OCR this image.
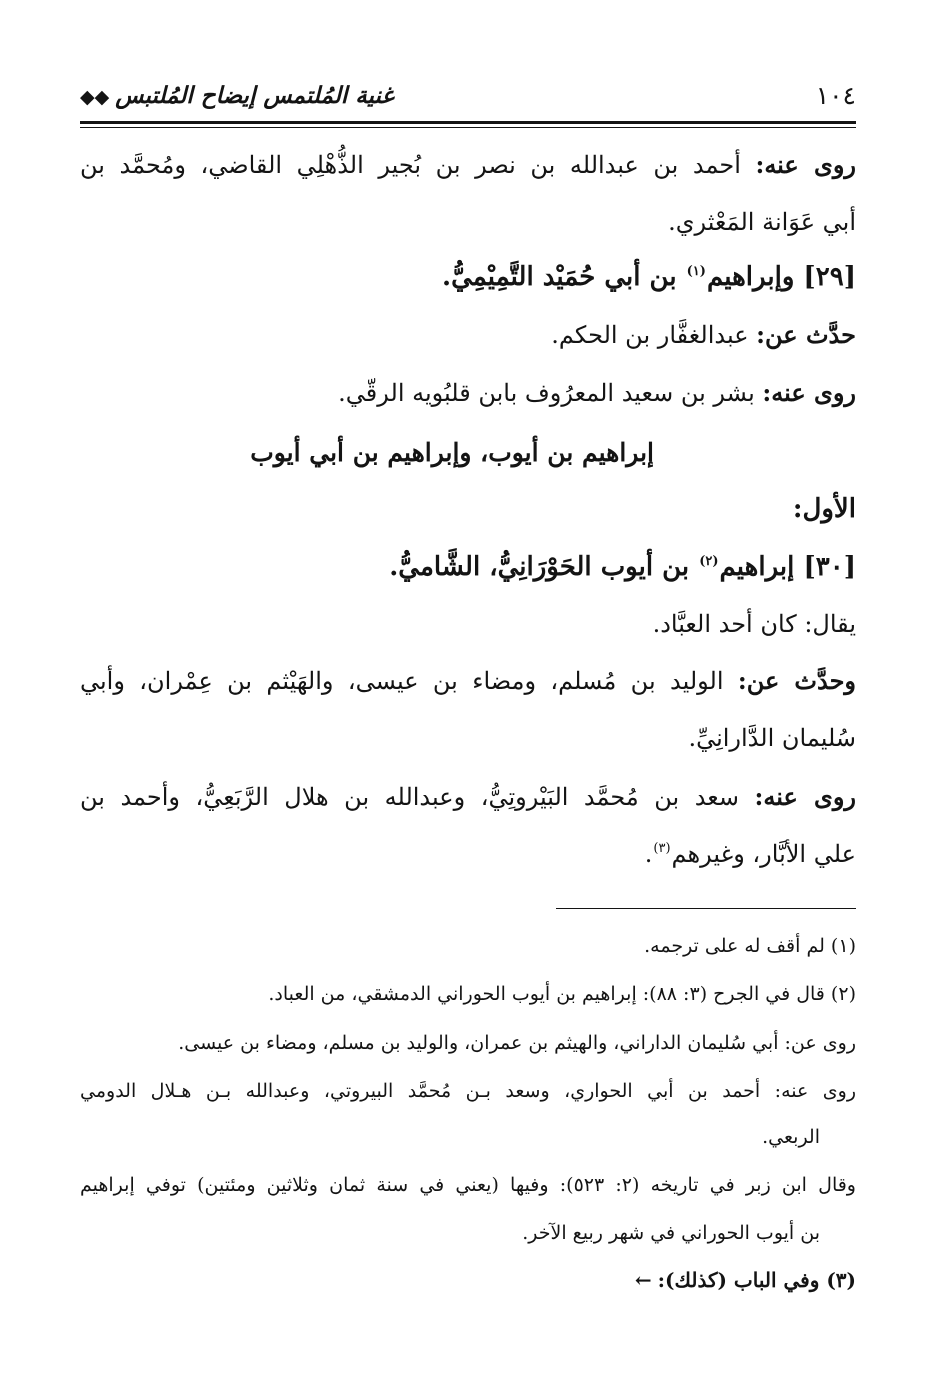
١٠٤
غنية المُلتمس إيضاح المُلتبس◆◆
روى عنه: أحمد بن عبدالله بن نصر بن بُجير الذُّهْلِي القاضي، ومُحمَّد بن
أبي عَوَانة المَعْثري.
[٢٩] وإبراهيم$^{(١)}$ بن أبي حُمَيْد التَّمِيْمِيُّ.
حدَّث عن: عبدالغفَّار بن الحكم.
روى عنه: بشر بن سعيد المعرُوف بابن قلبُويه الرقّي.
إبراهيم بن أيوب، وإبراهيم بن أبي أيوب
الأول:
[٣٠] إبراهيم$^{(٢)}$ بن أيوب الحَوْرَانِيُّ، الشَّاميُّ.
يقال: كان أحد العبَّاد.
وحدَّث عن: الوليد بن مُسلم، ومضاء بن عيسى، والهَيْثم بن عِمْران، وأبي
سُليمان الدَّارانِيِّ.
روى عنه: سعد بن مُحمَّد البَيْروتِيُّ، وعبدالله بن هلال الرَّبَعِيُّ، وأحمد بن
علي الأبَّار، وغيرهم$^{(٣)}$.
(١) لم أقف له على ترجمه.
(٢) قال في الجرح (٣: ٨٨): إبراهيم بن أيوب الحوراني الدمشقي، من العباد.
روى عن: أبي سُليمان الداراني، والهيثم بن عمران، والوليد بن مسلم، ومضاء بن عيسى.
روى عنه: أحمد بن أبي الحواري، وسعد بـن مُحمَّد البيروتي، وعبدالله بـن هـلال الدومي
الربعي.
وقال ابن زبر في تاريخه (٢: ٥٢٣): وفيها (يعني في سنة ثمان وثلاثين ومئتين) توفي إبراهيم
بن أيوب الحوراني في شهر ربيع الآخر.
(٣) وفي الباب (كذلك):←
